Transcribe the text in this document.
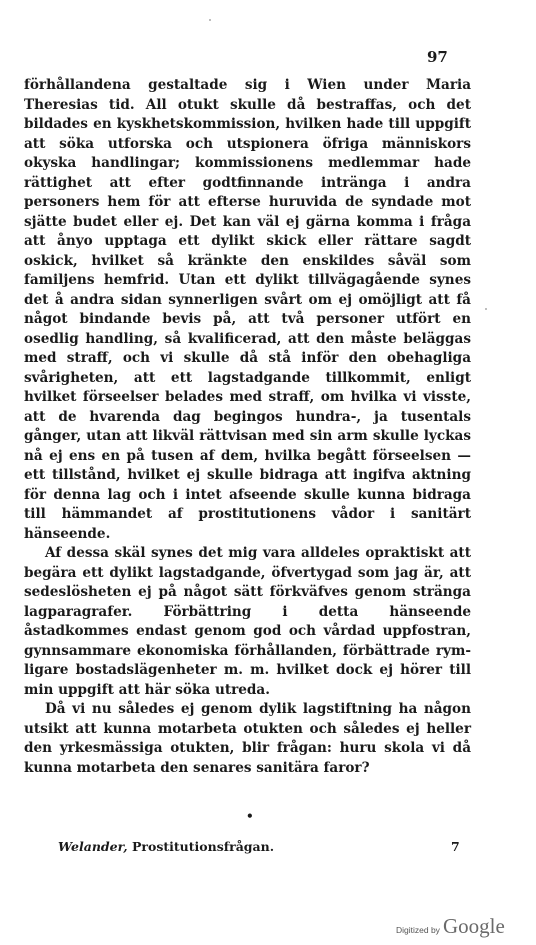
97

förhållandena gestaltade sig i Wien under Maria Theresias tid. All otukt skulle då bestraffas, och det bildades en kyskhetskommission, hvilken hade till uppgift att söka utforska och utspionera öfriga människors okyska handlingar; kommissionens medlemmar hade rättighet att efter godtfinnande intränga i andra personers hem för att efterse huruvida de syndade mot sjätte budet eller ej. Det kan väl ej gärna komma i fråga att ånyo upptaga ett dylikt skick eller rättare sagdt oskick, hvilket så kränkte den enskildes såväl som familjens hemfrid. Utan ett dylikt tillvägagående synes det å andra sidan synnerligen svårt om ej omöjligt att få något bindande bevis på, att två personer utfört en osedlig handling, så kvalificerad, att den måste beläggas med straff, och vi skulle då stå inför den obehagliga svårigheten, att ett lagstadgande tillkommit, enligt hvilket förseelser belades med straff, om hvilka vi visste, att de hvarenda dag begingos hundra-, ja tusentals gånger, utan att likväl rättvisan med sin arm skulle lyckas nå ej ens en på tusen af dem, hvilka begått förseelsen — ett tillstånd, hvilket ej skulle bidraga att ingifva aktning för denna lag och i intet afseende skulle kunna bidraga till hämmandet af prostitutionens vådor i sanitärt hänseende.

Af dessa skäl synes det mig vara alldeles opraktiskt att begära ett dylikt lagstadgande, öfvertygad som jag är, att sedeslösheten ej på något sätt förkväfves genom stränga lagparagrafer. Förbättring i detta hänseende åstadkommes endast genom god och vårdad uppfostran, gynnsammare ekonomiska förhållanden, förbättrade rymligare bostadslägenheter m. m. hvilket dock ej hörer till min uppgift att här söka utreda.

Då vi nu således ej genom dylik lagstiftning ha någon utsikt att kunna motarbeta otukten och således ej heller den yrkesmässiga otukten, blir frågan: huru skola vi då kunna motarbeta den senares sanitära faror?

•
Welander, Prostitutionsfrågan.	7
Digitized by Google
